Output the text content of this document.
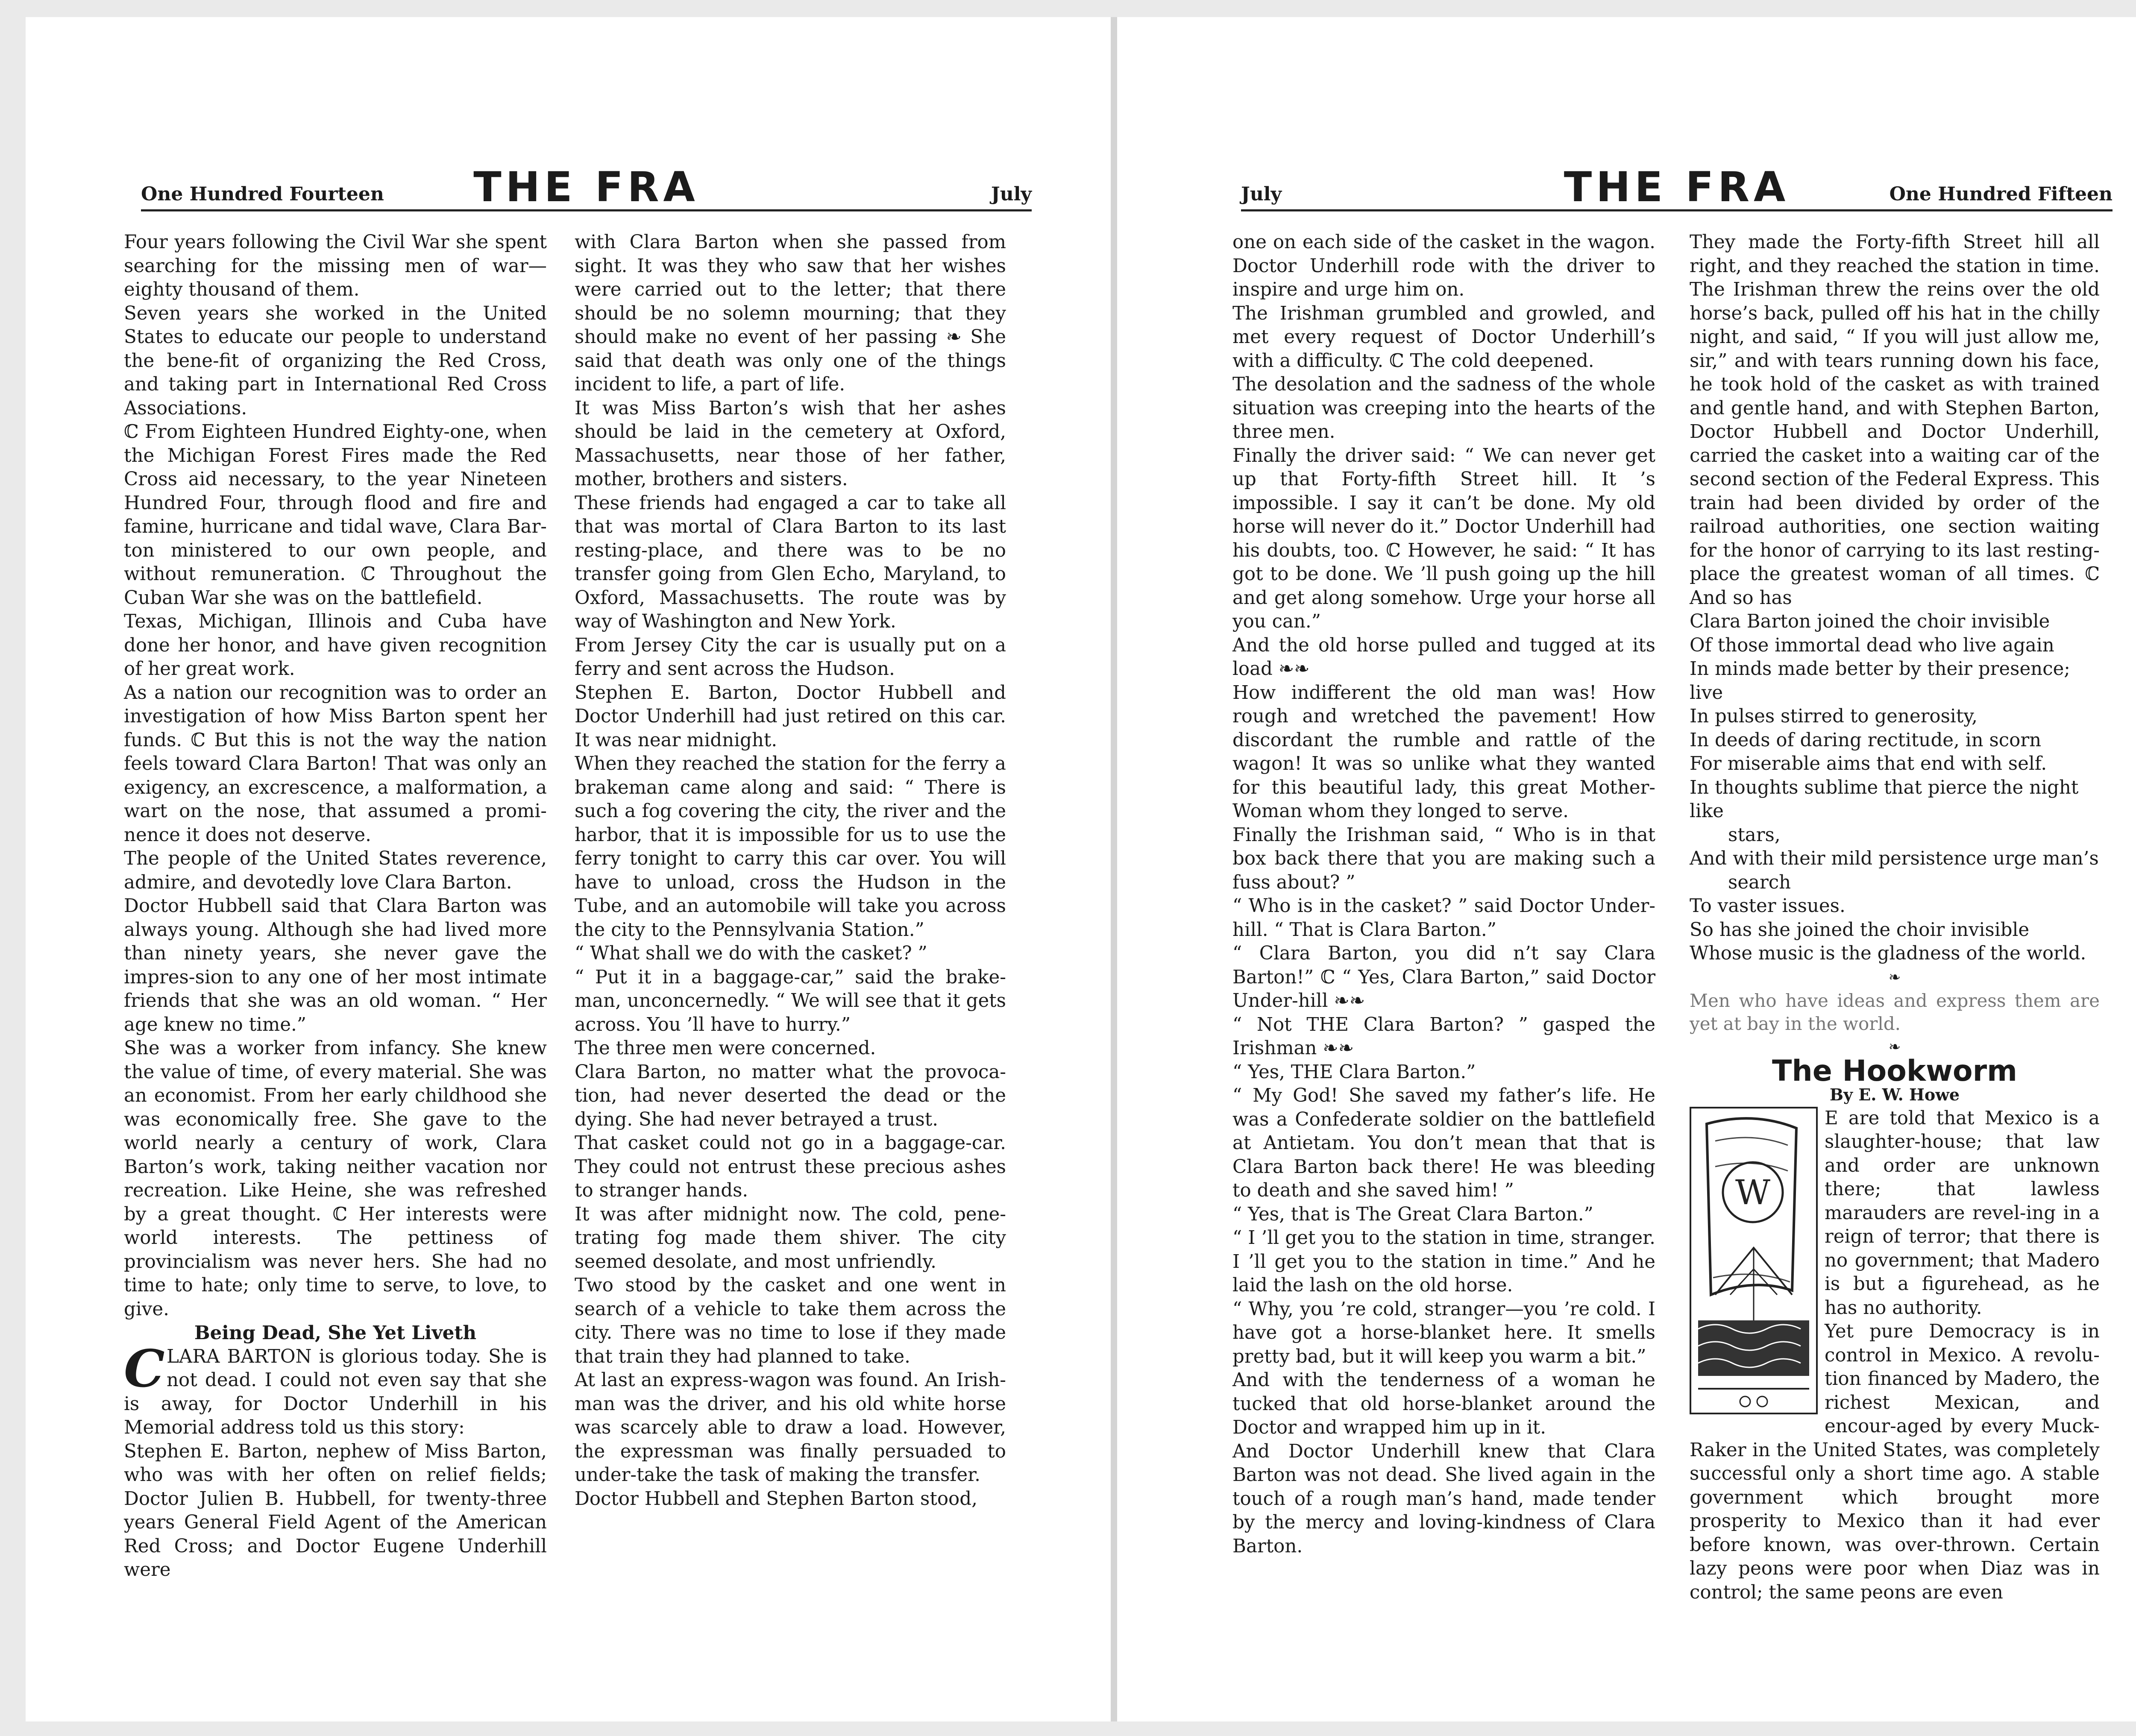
One Hundred Fourteen THE FRA	July

Four years following the Civil War she spent searching for the missing men of war—eighty thousand of them.

Seven years she worked in the United States to educate our people to understand the bene-fit of organizing the Red Cross, and taking part in International Red Cross Associations.

ℂ From Eighteen Hundred Eighty-one, when the Michigan Forest Fires made the Red Cross aid necessary, to the year Nineteen Hundred Four, through flood and fire and famine, hurricane and tidal wave, Clara Bar-ton ministered to our own people, and without remuneration. ℂ Throughout the Cuban War she was on the battlefield.

Texas, Michigan, Illinois and Cuba have done her honor, and have given recognition of her great work.

As a nation our recognition was to order an investigation of how Miss Barton spent her funds. ℂ But this is not the way the nation feels toward Clara Barton! That was only an exigency, an excrescence, a malformation, a wart on the nose, that assumed a promi-nence it does not deserve.

The people of the United States reverence, admire, and devotedly love Clara Barton.

Doctor Hubbell said that Clara Barton was always young. Although she had lived more than ninety years, she never gave the impres-sion to any one of her most intimate friends that she was an old woman. “ Her age knew no time.”

She was a worker from infancy. She knew the value of time, of every material. She was an economist. From her early childhood she was economically free. She gave to the world nearly a century of work, Clara Barton’s work, taking neither vacation nor recreation. Like Heine, she was refreshed by a great thought. ℂ Her interests were world interests. The pettiness of provincialism was never hers. She had no time to hate; only time to serve, to love, to give.

Being Dead, She Yet Liveth

CLARA BARTON is glorious today. She is not dead. I could not even say that she is away, for Doctor Underhill in his Memorial address told us this story:

Stephen E. Barton, nephew of Miss Barton, who was with her often on relief fields; Doctor Julien B. Hubbell, for twenty-three years General Field Agent of the American Red Cross; and Doctor Eugene Underhill were

with Clara Barton when she passed from sight. It was they who saw that her wishes were carried out to the letter; that there should be no solemn mourning; that they should make no event of her passing ❧ She said that death was only one of the things incident to life, a part of life.

It was Miss Barton’s wish that her ashes should be laid in the cemetery at Oxford, Massachusetts, near those of her father, mother, brothers and sisters.

These friends had engaged a car to take all that was mortal of Clara Barton to its last resting-place, and there was to be no transfer going from Glen Echo, Maryland, to Oxford, Massachusetts. The route was by way of Washington and New York.

From Jersey City the car is usually put on a ferry and sent across the Hudson.

Stephen E. Barton, Doctor Hubbell and Doctor Underhill had just retired on this car. It was near midnight.

When they reached the station for the ferry a brakeman came along and said: “ There is such a fog covering the city, the river and the harbor, that it is impossible for us to use the ferry tonight to carry this car over. You will have to unload, cross the Hudson in the Tube, and an automobile will take you across the city to the Pennsylvania Station.”

“ What shall we do with the casket? ”

“ Put it in a baggage-car,” said the brake-man, unconcernedly. “ We will see that it gets across. You ’ll have to hurry.”

The three men were concerned.

Clara Barton, no matter what the provoca-tion, had never deserted the dead or the dying. She had never betrayed a trust.

That casket could not go in a baggage-car. They could not entrust these precious ashes to stranger hands.

It was after midnight now. The cold, pene-trating fog made them shiver. The city seemed desolate, and most unfriendly.

Two stood by the casket and one went in search of a vehicle to take them across the city. There was no time to lose if they made that train they had planned to take.

At last an express-wagon was found. An Irish-man was the driver, and his old white horse was scarcely able to draw a load. However, the expressman was finally persuaded to under-take the task of making the transfer.

Doctor Hubbell and Stephen Barton stood,

July	THE FRA	One Hundred Fifteen

one on each side of the casket in the wagon. Doctor Underhill rode with the driver to inspire and urge him on.

The Irishman grumbled and growled, and met every request of Doctor Underhill’s with a difficulty. ℂ The cold deepened.

The desolation and the sadness of the whole situation was creeping into the hearts of the three men.

Finally the driver said: “ We can never get up that Forty-fifth Street hill. It ’s impossible. I say it can’t be done. My old horse will never do it.” Doctor Underhill had his doubts, too. ℂ However, he said: “ It has got to be done. We ’ll push going up the hill and get along somehow. Urge your horse all you can.”

And the old horse pulled and tugged at its load ❧❧

How indifferent the old man was! How rough and wretched the pavement! How discordant the rumble and rattle of the wagon! It was so unlike what they wanted for this beautiful lady, this great Mother-Woman whom they longed to serve.

Finally the Irishman said, “ Who is in that box back there that you are making such a fuss about? ”

“ Who is in the casket? ” said Doctor Under-hill. “ That is Clara Barton.”

“ Clara Barton, you did n’t say Clara Barton!” ℂ “ Yes, Clara Barton,” said Doctor Under-hill ❧❧

“ Not THE Clara Barton? ” gasped the Irishman ❧❧

“ Yes, THE Clara Barton.”

“ My God! She saved my father’s life. He was a Confederate soldier on the battlefield at Antietam. You don’t mean that that is Clara Barton back there! He was bleeding to death and she saved him! ”

“ Yes, that is The Great Clara Barton.”

“ I ’ll get you to the station in time, stranger. I ’ll get you to the station in time.” And he laid the lash on the old horse.

“ Why, you ’re cold, stranger—you ’re cold. I have got a horse-blanket here. It smells pretty bad, but it will keep you warm a bit.”

And with the tenderness of a woman he tucked that old horse-blanket around the Doctor and wrapped him up in it.

And Doctor Underhill knew that Clara Barton was not dead. She lived again in the touch of a rough man’s hand, made tender by the mercy and loving-kindness of Clara Barton.

They made the Forty-fifth Street hill all right, and they reached the station in time. The Irishman threw the reins over the old horse’s back, pulled off his hat in the chilly night, and said, “ If you will just allow me, sir,” and with tears running down his face, he took hold of the casket as with trained and gentle hand, and with Stephen Barton, Doctor Hubbell and Doctor Underhill, carried the casket into a waiting car of the second section of the Federal Express. This train had been divided by order of the railroad authorities, one section waiting for the honor of carrying to its last resting-place the greatest woman of all times. ℂ And so has

Clara Barton joined the choir invisible

Of those immortal dead who live again

In minds made better by their presence; live

In pulses stirred to generosity,

In deeds of daring rectitude, in scorn

For miserable aims that end with self.

In thoughts sublime that pierce the night like

stars,

And with their mild persistence urge man’s

search

To vaster issues.

So has she joined the choir invisible

Whose music is the gladness of the world.

❧

Men who have ideas and express them are yet at bay in the world.

❧

The Hookworm

By E. W. Howe

W

E are told that Mexico is a slaughter-house; that law and order are unknown there; that lawless marauders are revel-ing in a reign of terror; that there is no government; that Madero is but a figurehead, as he has no authority.

Yet pure Democracy is in control in Mexico. A revolu-tion financed by Madero, the richest Mexican, and encour-aged by every Muck-Raker in the United States, was completely successful only a short time ago. A stable government which brought more prosperity to Mexico than it had ever before known, was over-thrown. Certain lazy peons were poor when Diaz was in control; the same peons are even
